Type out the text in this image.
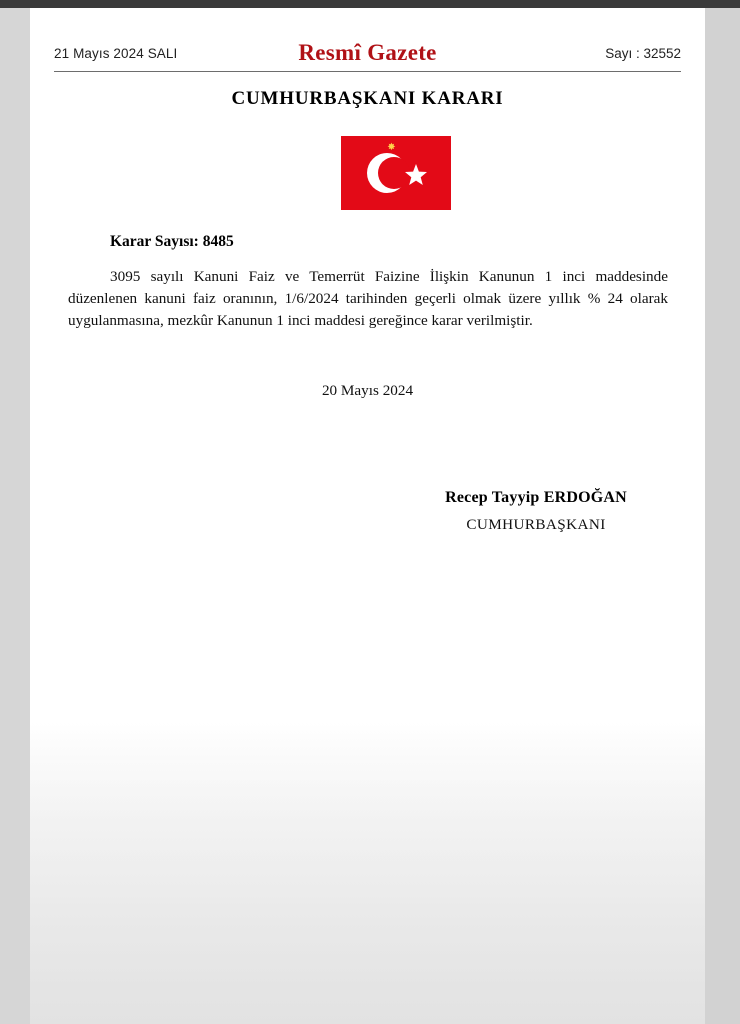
21 Mayıs 2024 SALI	Resmî Gazete	Sayı : 32552
CUMHURBAŞKANI KARARI
✸
Karar Sayısı: 8485
3095 sayılı Kanuni Faiz ve Temerrüt Faizine İlişkin Kanunun 1 inci maddesinde düzenlenen kanuni faiz oranının, 1/6/2024 tarihinden geçerli olmak üzere yıllık % 24 olarak uygulanmasına, mezkûr Kanunun 1 inci maddesi gereğince karar verilmiştir.
20 Mayıs 2024
Recep Tayyip ERDOĞAN
CUMHURBAŞKANI
